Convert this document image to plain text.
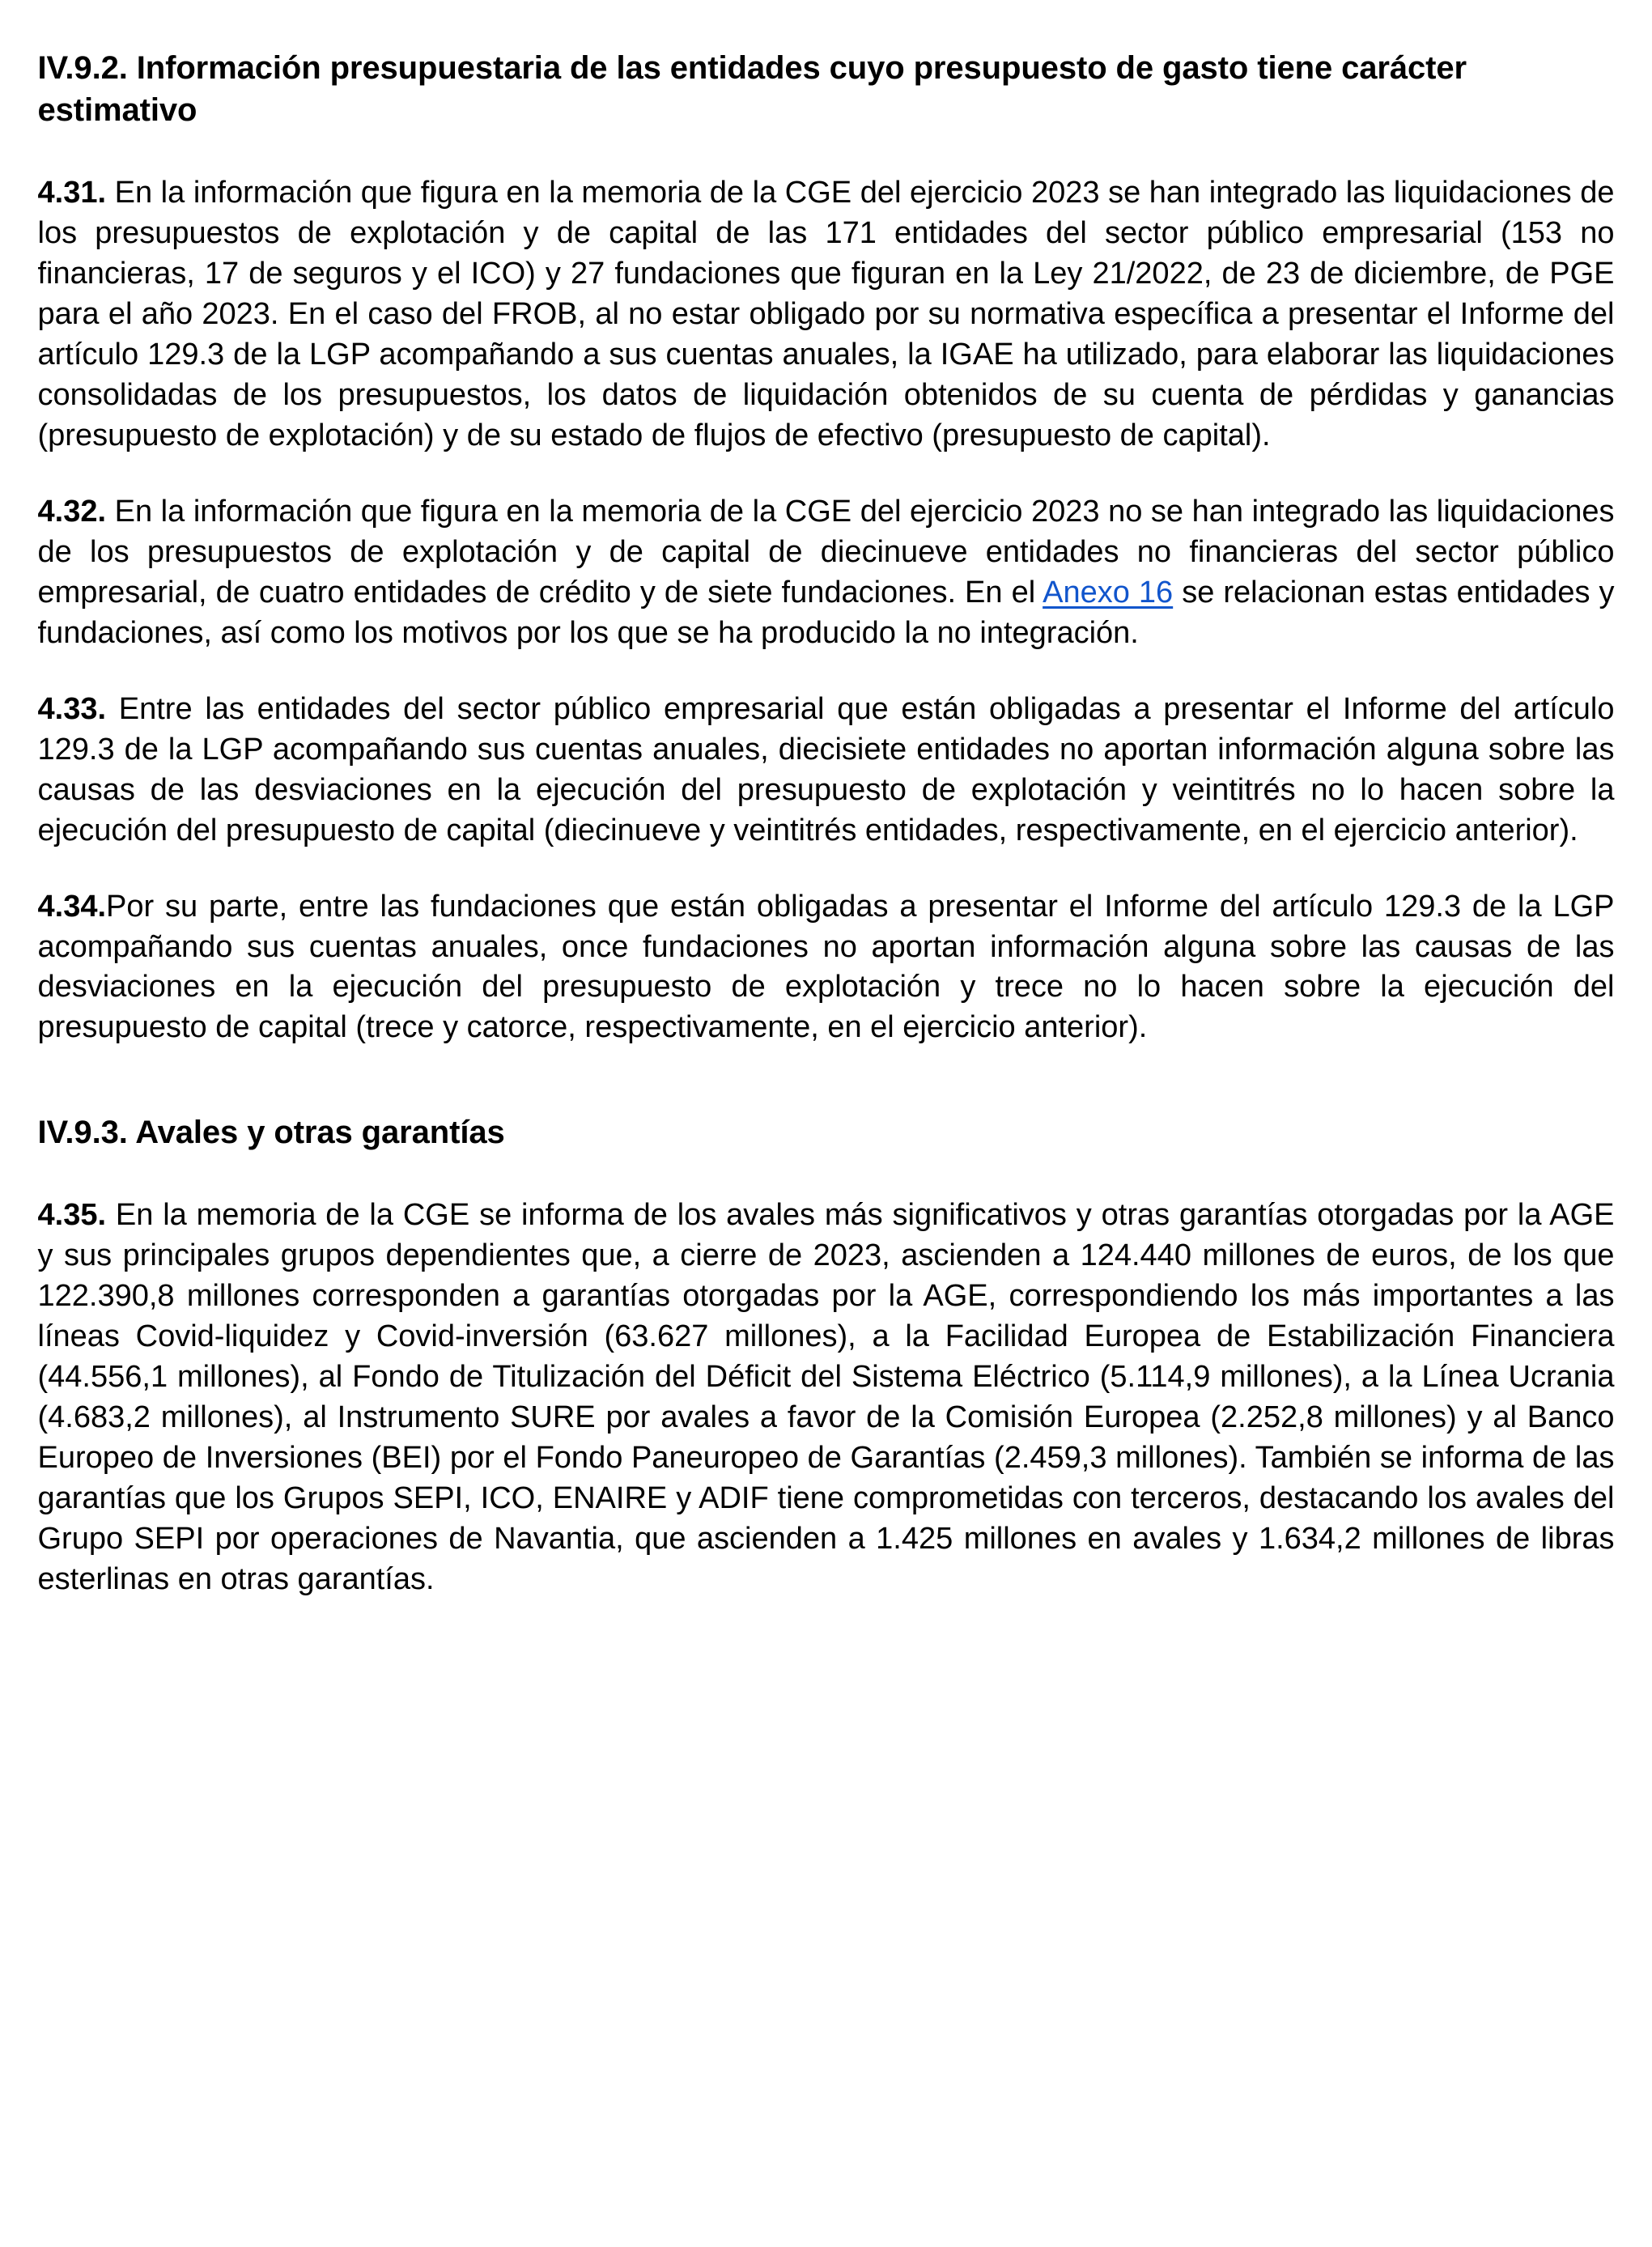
IV.9.2. Información presupuestaria de las entidades cuyo presupuesto de gasto tiene carácter estimativo

4.31. En la información que figura en la memoria de la CGE del ejercicio 2023 se han integrado las liquidaciones de los presupuestos de explotación y de capital de las 171 entidades del sector público empresarial (153 no financieras, 17 de seguros y el ICO) y 27 fundaciones que figuran en la Ley 21/2022, de 23 de diciembre, de PGE para el año 2023. En el caso del FROB, al no estar obligado por su normativa específica a presentar el Informe del artículo 129.3 de la LGP acompañando a sus cuentas anuales, la IGAE ha utilizado, para elaborar las liquidaciones consolidadas de los presupuestos, los datos de liquidación obtenidos de su cuenta de pérdidas y ganancias (presupuesto de explotación) y de su estado de flujos de efectivo (presupuesto de capital).

4.32. En la información que figura en la memoria de la CGE del ejercicio 2023 no se han integrado las liquidaciones de los presupuestos de explotación y de capital de diecinueve entidades no financieras del sector público empresarial, de cuatro entidades de crédito y de siete fundaciones. En el Anexo 16 se relacionan estas entidades y fundaciones, así como los motivos por los que se ha producido la no integración.

4.33. Entre las entidades del sector público empresarial que están obligadas a presentar el Informe del artículo 129.3 de la LGP acompañando sus cuentas anuales, diecisiete entidades no aportan información alguna sobre las causas de las desviaciones en la ejecución del presupuesto de explotación y veintitrés no lo hacen sobre la ejecución del presupuesto de capital (diecinueve y veintitrés entidades, respectivamente, en el ejercicio anterior).

4.34.Por su parte, entre las fundaciones que están obligadas a presentar el Informe del artículo 129.3 de la LGP acompañando sus cuentas anuales, once fundaciones no aportan información alguna sobre las causas de las desviaciones en la ejecución del presupuesto de explotación y trece no lo hacen sobre la ejecución del presupuesto de capital (trece y catorce, respectivamente, en el ejercicio anterior).

IV.9.3. Avales y otras garantías

4.35. En la memoria de la CGE se informa de los avales más significativos y otras garantías otorgadas por la AGE y sus principales grupos dependientes que, a cierre de 2023, ascienden a 124.440 millones de euros, de los que 122.390,8 millones corresponden a garantías otorgadas por la AGE, correspondiendo los más importantes a las líneas Covid-liquidez y Covid-inversión (63.627 millones), a la Facilidad Europea de Estabilización Financiera (44.556,1 millones), al Fondo de Titulización del Déficit del Sistema Eléctrico (5.114,9 millones), a la Línea Ucrania (4.683,2 millones), al Instrumento SURE por avales a favor de la Comisión Europea (2.252,8 millones) y al Banco Europeo de Inversiones (BEI) por el Fondo Paneuropeo de Garantías (2.459,3 millones). También se informa de las garantías que los Grupos SEPI, ICO, ENAIRE y ADIF tiene comprometidas con terceros, destacando los avales del Grupo SEPI por operaciones de Navantia, que ascienden a 1.425 millones en avales y 1.634,2 millones de libras esterlinas en otras garantías.
